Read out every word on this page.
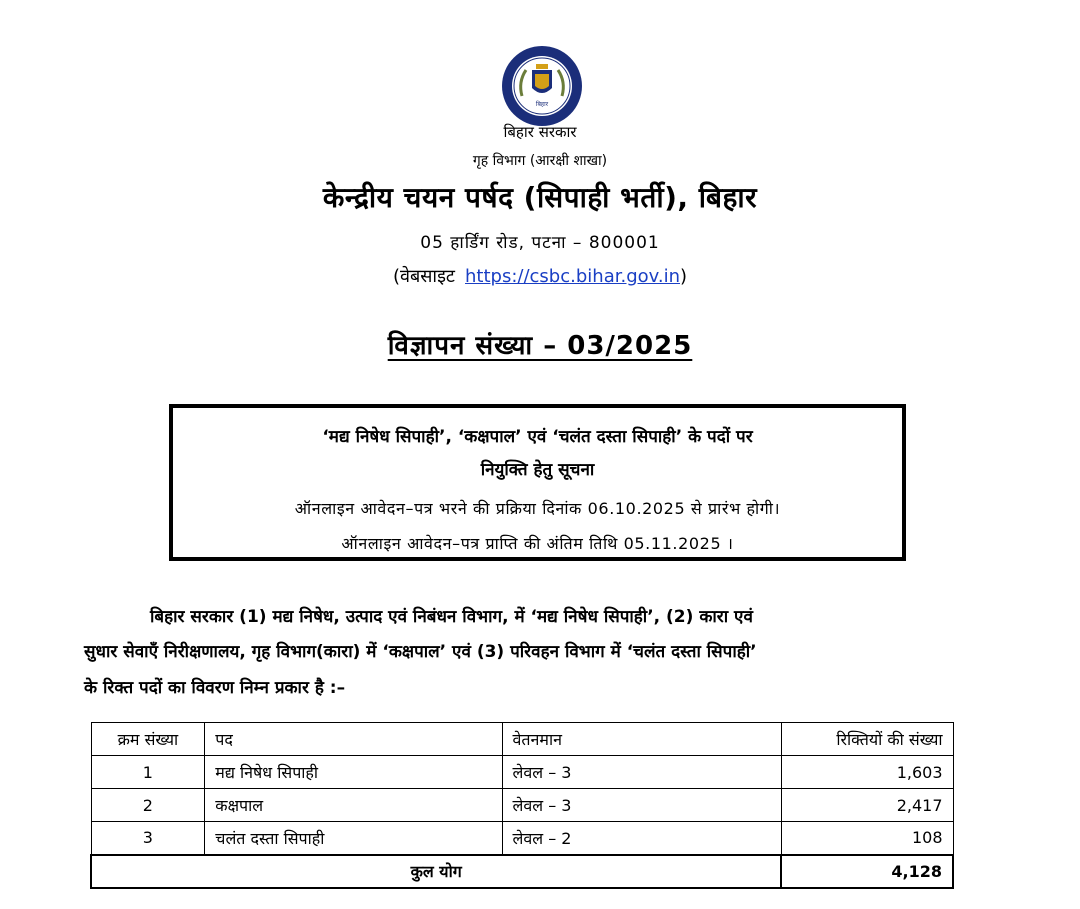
बिहार
बिहार सरकार
गृह विभाग (आरक्षी शाखा)
केन्द्रीय चयन पर्षद (सिपाही भर्ती), बिहार
05 हार्डिंग रोड, पटना – 800001
(वेबसाइट https://csbc.bihar.gov.in)
विज्ञापन संख्या – 03/2025
‘मद्य निषेध सिपाही’, ‘कक्षपाल’ एवं ‘चलंत दस्ता सिपाही’ के पदों पर
नियुक्ति हेतु सूचना
ऑनलाइन आवेदन–पत्र भरने की प्रक्रिया दिनांक 06.10.2025 से प्रारंभ होगी।
ऑनलाइन आवेदन–पत्र प्राप्ति की अंतिम तिथि 05.11.2025 ।
बिहार सरकार (1) मद्य निषेध, उत्पाद एवं निबंधन विभाग, में ‘मद्य निषेध सिपाही’, (2) कारा एवं
सुधार सेवाएँ निरीक्षणालय, गृह विभाग(कारा) में ‘कक्षपाल’ एवं (3) परिवहन विभाग में ‘चलंत दस्ता सिपाही’
के रिक्त पदों का विवरण निम्न प्रकार है :–
क्रम संख्या	पद	वेतनमान	रिक्तियों की संख्या
1	मद्य निषेध सिपाही	लेवल – 3	1,603
2	कक्षपाल	लेवल – 3	2,417
3	चलंत दस्ता सिपाही	लेवल – 2	108
कुल योग			4,128
